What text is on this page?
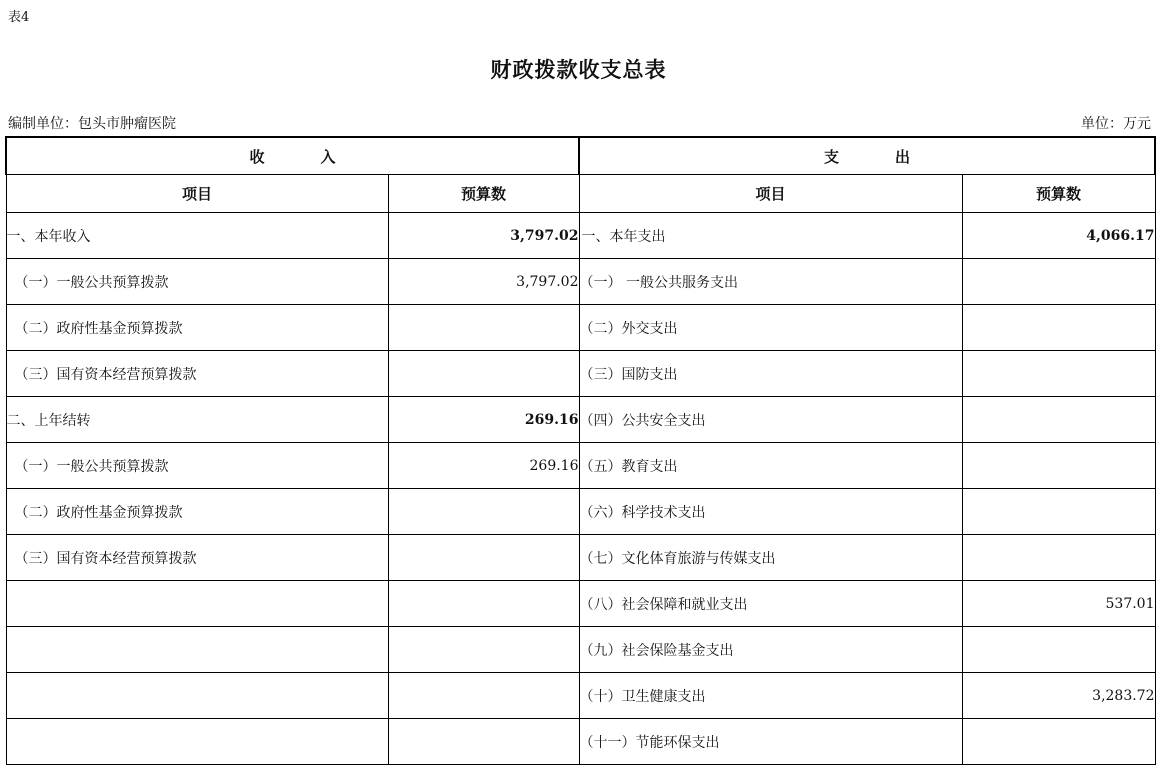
表4
财政拨款收支总表
编制单位：包头市肿瘤医院	单位：万元
收 入		支 出	
项目	预算数	项目	预算数
一、本年收入	3,797.02	一、本年支出	4,066.17
（一）一般公共预算拨款	3,797.02	（一） 一般公共服务支出	
（二）政府性基金预算拨款		（二）外交支出	
（三）国有资本经营预算拨款		（三）国防支出	
二、上年结转	269.16	（四）公共安全支出	
（一）一般公共预算拨款	269.16	（五）教育支出	
（二）政府性基金预算拨款		（六）科学技术支出	
（三）国有资本经营预算拨款		（七）文化体育旅游与传媒支出	
		（八）社会保障和就业支出	537.01
		（九）社会保险基金支出	
		（十）卫生健康支出	3,283.72
		（十一）节能环保支出	
